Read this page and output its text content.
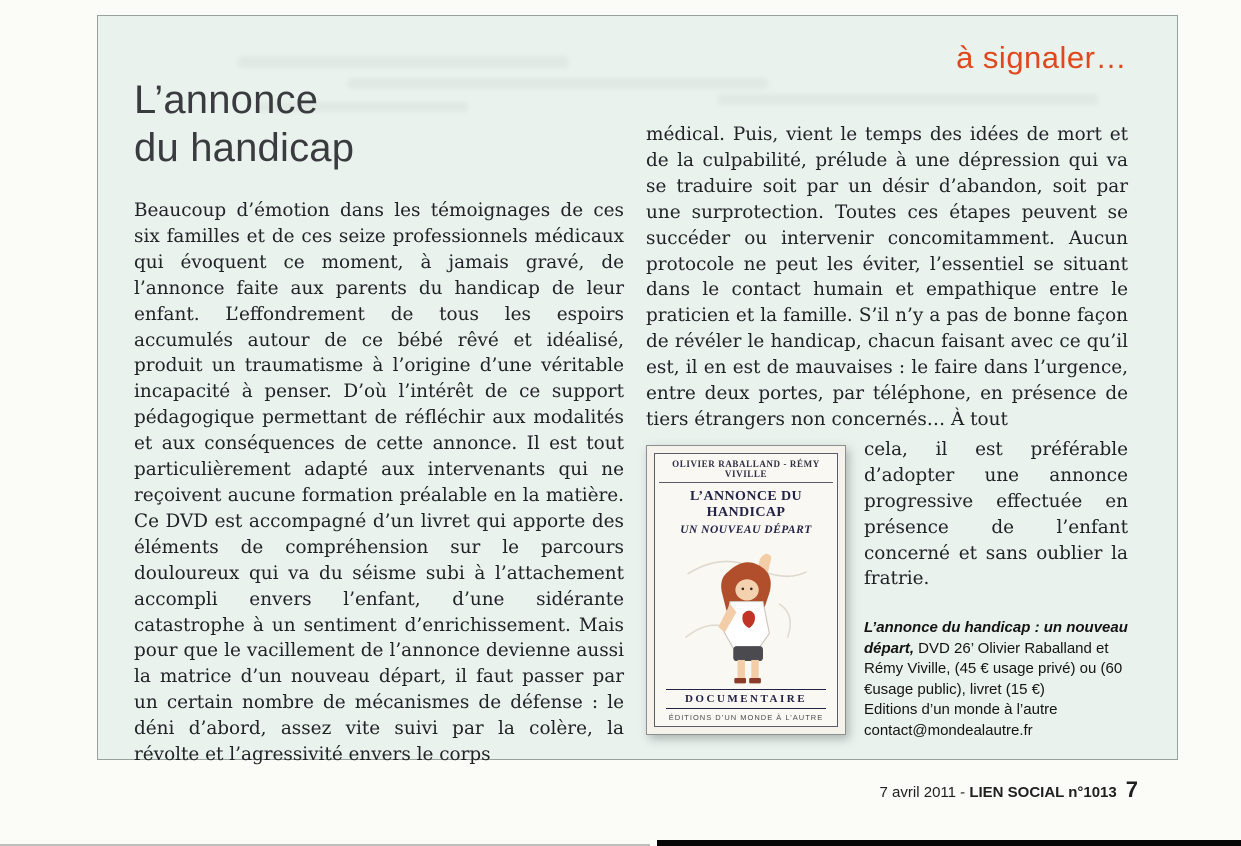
à signaler…
L’annonce
du handicap

Beaucoup d’émotion dans les témoignages de ces six familles et de ces seize professionnels médicaux qui évoquent ce moment, à jamais gravé, de l’annonce faite aux parents du handicap de leur enfant. L’effondrement de tous les espoirs accumulés autour de ce bébé rêvé et idéalisé, produit un traumatisme à l’origine d’une véritable incapacité à penser. D’où l’intérêt de ce support pédagogique permettant de réfléchir aux modalités et aux conséquences de cette annonce. Il est tout particulièrement adapté aux intervenants qui ne reçoivent aucune formation préalable en la matière. Ce DVD est accompagné d’un livret qui apporte des éléments de compréhension sur le parcours douloureux qui va du séisme subi à l’attachement accompli envers l’enfant, d’une sidérante catastrophe à un sentiment d’enrichissement. Mais pour que le vacillement de l’annonce devienne aussi la matrice d’un nouveau départ, il faut passer par un certain nombre de mécanismes de défense : le déni d’abord, assez vite suivi par la colère, la révolte et l’agressivité envers le corps

médical. Puis, vient le temps des idées de mort et de la culpabilité, prélude à une dépression qui va se traduire soit par un désir d’abandon, soit par une surprotection. Toutes ces étapes peuvent se succéder ou intervenir concomitamment. Aucun protocole ne peut les éviter, l’essentiel se situant dans le contact humain et empathique entre le praticien et la famille. S’il n’y a pas de bonne façon de révéler le handicap, chacun faisant avec ce qu’il est, il en est de mauvaises : le faire dans l’urgence, entre deux portes, par téléphone, en présence de tiers étrangers non concernés… À tout

OLIVIER RABALLAND - RÉMY VIVILLE
L’ANNONCE DU HANDICAP
UN NOUVEAU DÉPART
DOCUMENTAIRE
ÉDITIONS D’UN MONDE À L’AUTRE

cela, il est préférable d’adopter une annonce progressive effectuée en présence de l’enfant concerné et sans oublier la fratrie.

L’annonce du handicap : un nouveau départ, DVD 26’ Olivier Raballand et Rémy Viville, (45 € usage privé) ou (60 €usage public), livret (15 €)
Editions d’un monde à l’autre
contact@mondealautre.fr
7 avril 2011 - LIEN SOCIAL n°1013 7
